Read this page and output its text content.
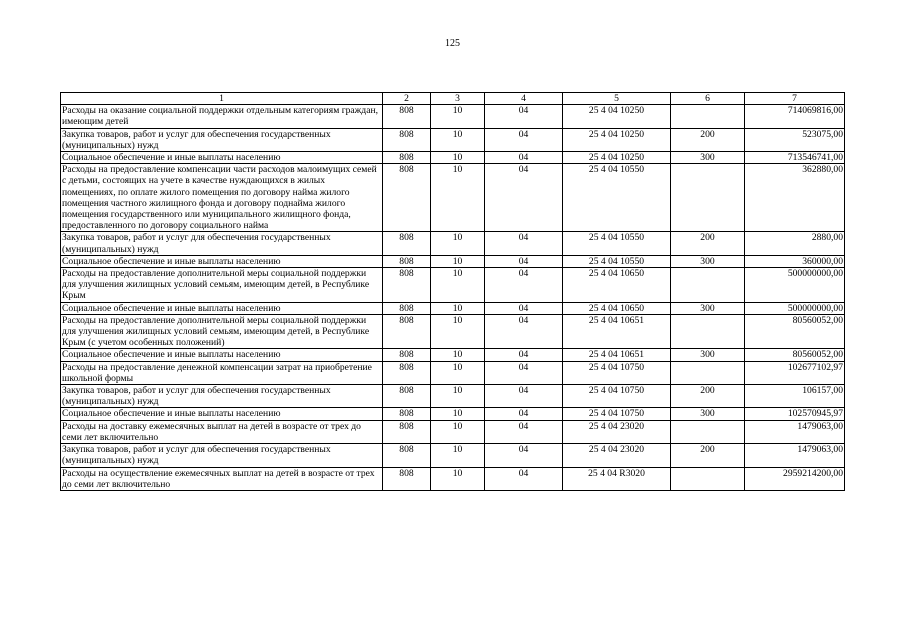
125
1	2	3	4	5	6	7
Расходы на оказание социальной поддержки отдельным категориям граждан, имеющим детей	808	10	04	25 4 04 10250		714069816,00
Закупка товаров, работ и услуг для обеспечения государственных (муниципальных) нужд	808	10	04	25 4 04 10250	200	523075,00
Социальное обеспечение и иные выплаты населению	808	10	04	25 4 04 10250	300	713546741,00
Расходы на предоставление компенсации части расходов малоимущих семей с детьми, состоящих на учете в качестве нуждающихся в жилых помещениях, по оплате жилого помещения по договору найма жилого помещения частного жилищного фонда и договору поднайма жилого помещения государственного или муниципального жилищного фонда, предоставленного по договору социального найма	808	10	04	25 4 04 10550		362880,00
Закупка товаров, работ и услуг для обеспечения государственных (муниципальных) нужд	808	10	04	25 4 04 10550	200	2880,00
Социальное обеспечение и иные выплаты населению	808	10	04	25 4 04 10550	300	360000,00
Расходы на предоставление дополнительной меры социальной поддержки для улучшения жилищных условий семьям, имеющим детей, в Республике Крым	808	10	04	25 4 04 10650		500000000,00
Социальное обеспечение и иные выплаты населению	808	10	04	25 4 04 10650	300	500000000,00
Расходы на предоставление дополнительной меры социальной поддержки для улучшения жилищных условий семьям, имеющим детей, в Республике Крым (с учетом особенных положений)	808	10	04	25 4 04 10651		80560052,00
Социальное обеспечение и иные выплаты населению	808	10	04	25 4 04 10651	300	80560052,00
Расходы на предоставление денежной компенсации затрат на приобретение школьной формы	808	10	04	25 4 04 10750		102677102,97
Закупка товаров, работ и услуг для обеспечения государственных (муниципальных) нужд	808	10	04	25 4 04 10750	200	106157,00
Социальное обеспечение и иные выплаты населению	808	10	04	25 4 04 10750	300	102570945,97
Расходы на доставку ежемесячных выплат на детей в возрасте от трех до семи лет включительно	808	10	04	25 4 04 23020		1479063,00
Закупка товаров, работ и услуг для обеспечения государственных (муниципальных) нужд	808	10	04	25 4 04 23020	200	1479063,00
Расходы на осуществление ежемесячных выплат на детей в возрасте от трех до семи лет включительно	808	10	04	25 4 04 R3020		2959214200,00
